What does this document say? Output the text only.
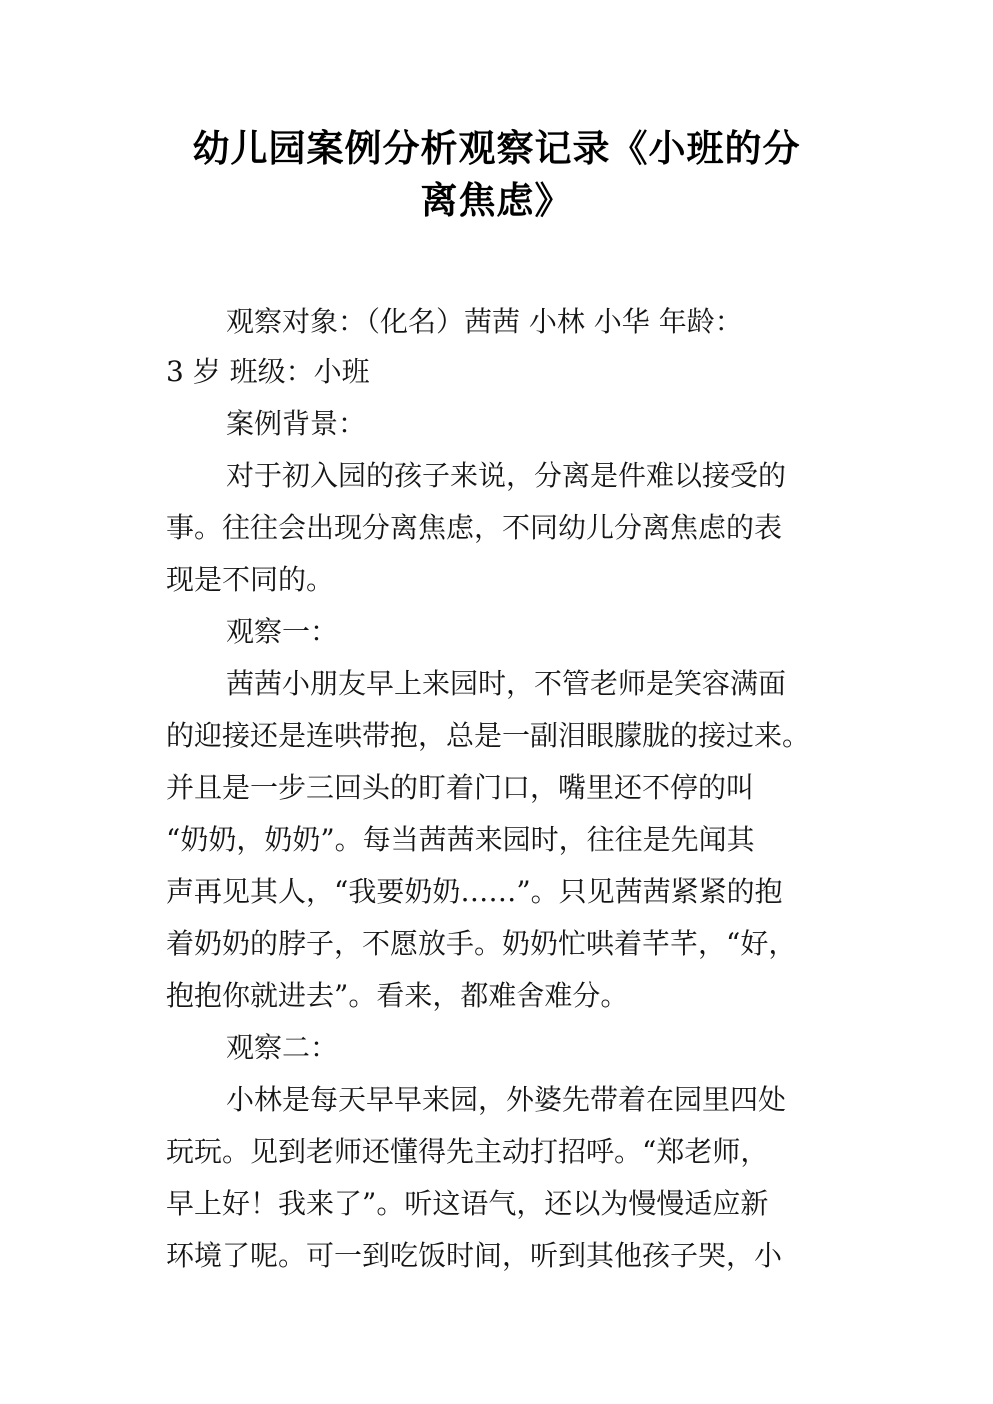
幼儿园案例分析观察记录《小班的分
离焦虑》
观察对象：（化名）茜茜 小林 小华 年龄：
3 岁 班级：小班
案例背景：
对于初入园的孩子来说，分离是件难以接受的
事。往往会出现分离焦虑，不同幼儿分离焦虑的表
现是不同的。
观察一：
茜茜小朋友早上来园时，不管老师是笑容满面
的迎接还是连哄带抱，总是一副泪眼朦胧的接过来。
并且是一步三回头的盯着门口，嘴里还不停的叫
“奶奶，奶奶”。每当茜茜来园时，往往是先闻其
声再见其人，“我要奶奶……”。只见茜茜紧紧的抱
着奶奶的脖子，不愿放手。奶奶忙哄着芊芊，“好，
抱抱你就进去”。看来，都难舍难分。
观察二：
小林是每天早早来园，外婆先带着在园里四处
玩玩。见到老师还懂得先主动打招呼。“郑老师，
早上好！我来了”。听这语气，还以为慢慢适应新
环境了呢。可一到吃饭时间，听到其他孩子哭，小
